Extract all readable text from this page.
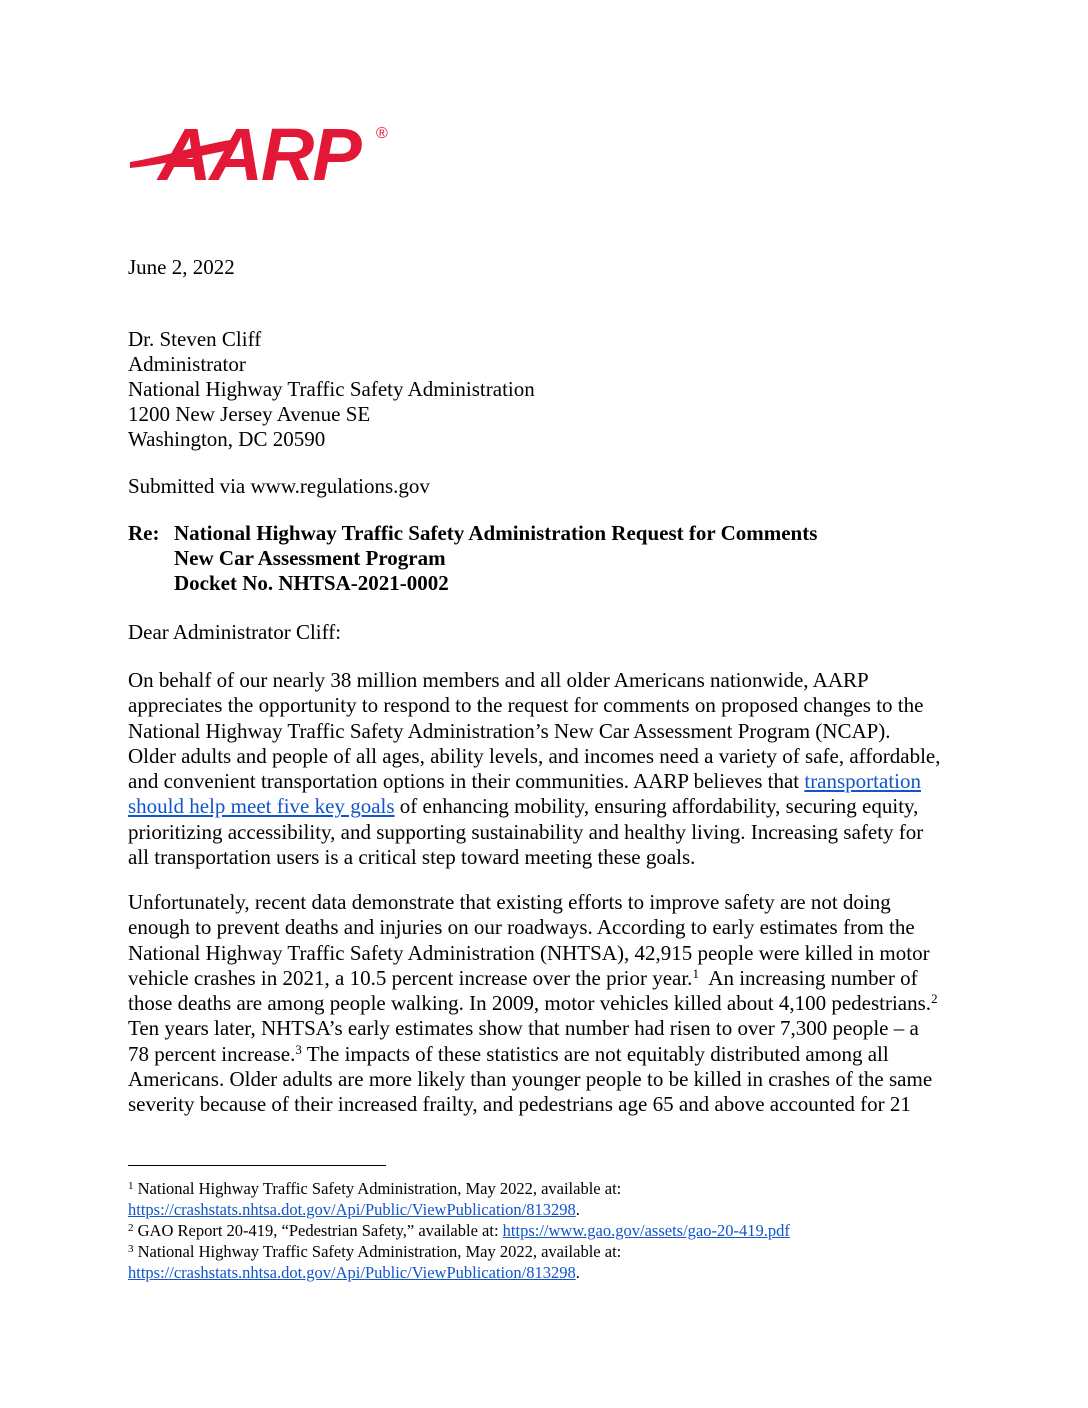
AARP ®
June 2, 2022
Dr. Steven Cliff
Administrator
National Highway Traffic Safety Administration
1200 New Jersey Avenue SE
Washington, DC 20590
Submitted via www.regulations.gov
Re: National Highway Traffic Safety Administration Request for Comments
New Car Assessment Program
Docket No. NHTSA-2021-0002
Dear Administrator Cliff:
On behalf of our nearly 38 million members and all older Americans nationwide, AARP
appreciates the opportunity to respond to the request for comments on proposed changes to the
National Highway Traffic Safety Administration’s New Car Assessment Program (NCAP).
Older adults and people of all ages, ability levels, and incomes need a variety of safe, affordable,
and convenient transportation options in their communities. AARP believes that transportation
should help meet five key goals of enhancing mobility, ensuring affordability, securing equity,
prioritizing accessibility, and supporting sustainability and healthy living. Increasing safety for
all transportation users is a critical step toward meeting these goals.
Unfortunately, recent data demonstrate that existing efforts to improve safety are not doing
enough to prevent deaths and injuries on our roadways. According to early estimates from the
National Highway Traffic Safety Administration (NHTSA), 42,915 people were killed in motor
vehicle crashes in 2021, a 10.5 percent increase over the prior year.$^1$  An increasing number of
those deaths are among people walking. In 2009, motor vehicles killed about 4,100 pedestrians.$^2$
Ten years later, NHTSA’s early estimates show that number had risen to over 7,300 people – a
78 percent increase.$^3$ The impacts of these statistics are not equitably distributed among all
Americans. Older adults are more likely than younger people to be killed in crashes of the same
severity because of their increased frailty, and pedestrians age 65 and above accounted for 21
$^1$ National Highway Traffic Safety Administration, May 2022, available at:
https://crashstats.nhtsa.dot.gov/Api/Public/ViewPublication/813298.
$^2$ GAO Report 20-419, “Pedestrian Safety,” available at: https://www.gao.gov/assets/gao-20-419.pdf
$^3$ National Highway Traffic Safety Administration, May 2022, available at:
https://crashstats.nhtsa.dot.gov/Api/Public/ViewPublication/813298.
